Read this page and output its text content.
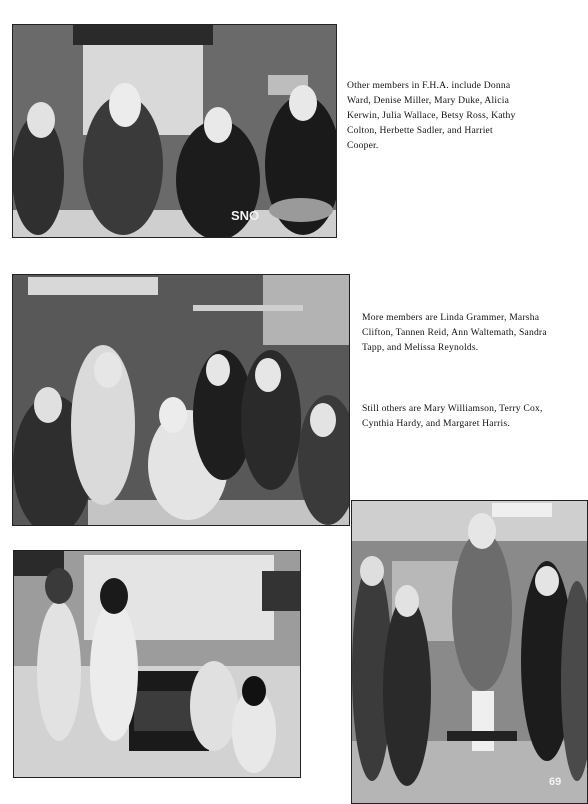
SNO
Other members in F.H.A. include Donna Ward, Denise Miller, Mary Duke, Alicia Kerwin, Julia Wallace, Betsy Ross, Kathy Colton, Herbette Sadler, and Harriet Cooper.
More members are Linda Grammer, Marsha Clifton, Tannen Reid, Ann Waltemath, Sandra Tapp, and Melissa Reynolds.
Still others are Mary Williamson, Terry Cox, Cynthia Hardy, and Margaret Harris.
69
